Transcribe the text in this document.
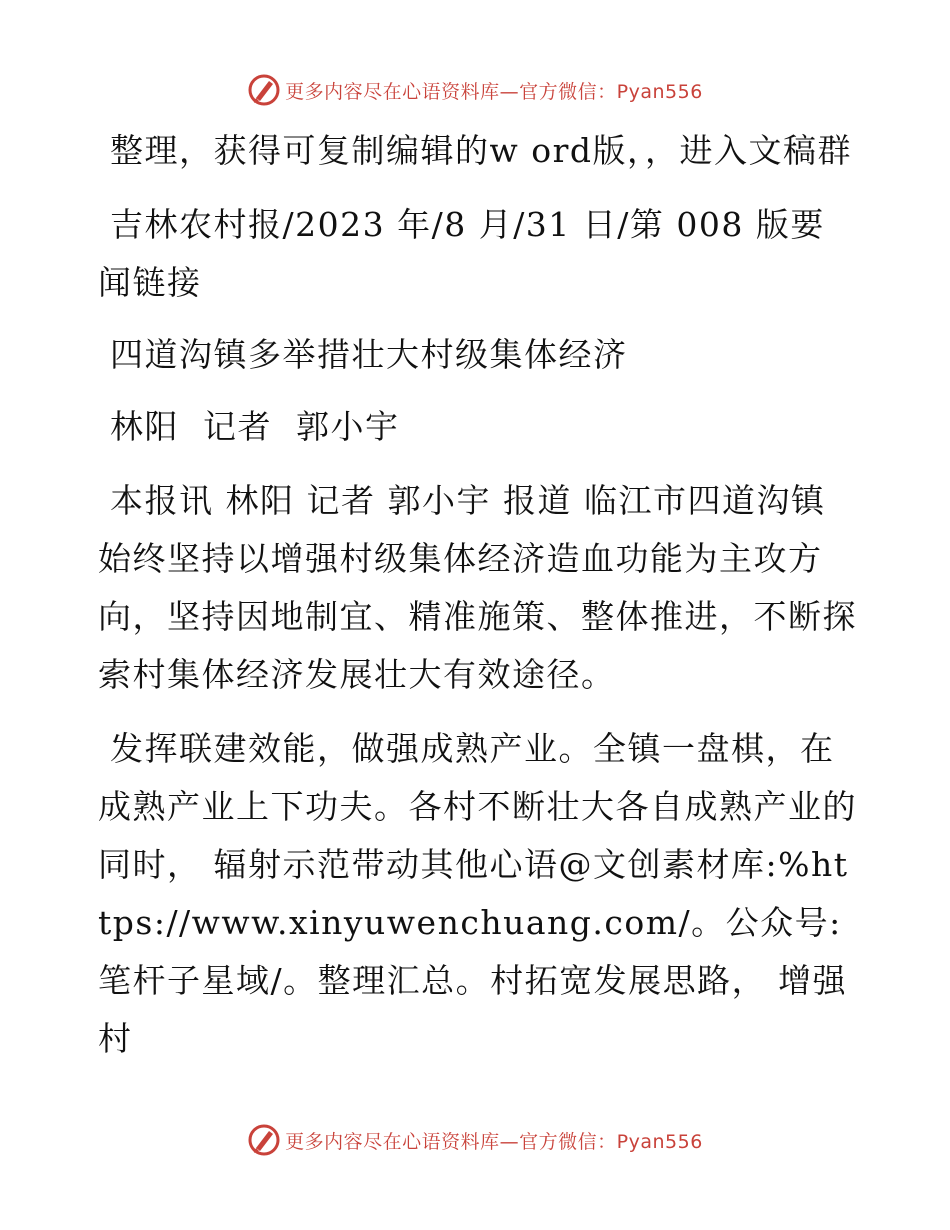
更多内容尽在心语资料库—官方微信：Pyan556

整理，获得可复制编辑的w ord版，，进入文稿群

吉林农村报/2023 年/8 月/31 日/第 008 版要闻链接

四道沟镇多举措壮大村级集体经济

林阳  记者  郭小宇

本报讯 林阳 记者 郭小宇 报道 临江市四道沟镇始终坚持以增强村级集体经济造血功能为主攻方向，坚持因地制宜、精准施策、整体推进，不断探索村集体经济发展壮大有效途径。

发挥联建效能，做强成熟产业。全镇一盘棋，在成熟产业上下功夫。各村不断壮大各自成熟产业的同时， 辐射示范带动其他心语@文创素材库:%https://www.xinyuwenchuang.com/。公众号: 笔杆子星域/。整理汇总。村拓宽发展思路， 增强村

更多内容尽在心语资料库—官方微信：Pyan556
